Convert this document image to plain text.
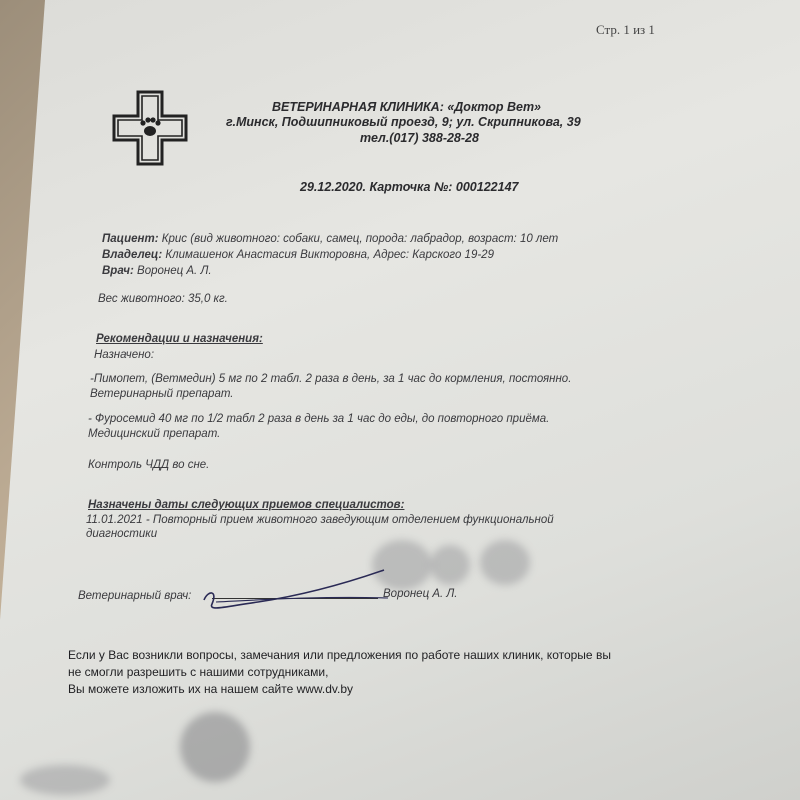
Стр. 1 из 1
ВЕТЕРИНАРНАЯ КЛИНИКА: «Доктор Вет»
г.Минск, Подшипниковый проезд, 9; ул. Скрипникова, 39
тел.(017) 388-28-28
29.12.2020. Карточка №: 000122147
Пациент: Крис (вид животного: собаки, самец, порода: лабрадор, возраст: 10 лет
Владелец: Климашенок Анастасия Викторовна, Адрес: Карского 19-29
Врач: Воронец А. Л.
Вес животного: 35,0 кг.
Рекомендации и назначения:
Назначено:
-Пимопет, (Ветмедин) 5 мг по 2 табл. 2 раза в день, за 1 час до кормления, постоянно.
Ветеринарный препарат.
- Фуросемид 40 мг по 1/2 табл 2 раза в день за 1 час до еды, до повторного приёма.
Медицинский препарат.
Контроль ЧДД во сне.
Назначены даты следующих приемов специалистов:
11.01.2021 - Повторный прием животного заведующим отделением функциональной
диагностики
Ветеринарный врач:	Воронец А. Л.
Если у Вас возникли вопросы, замечания или предложения по работе наших клиник, которые вы
не смогли разрешить с нашими сотрудниками,
Вы можете изложить их на нашем сайте www.dv.by
